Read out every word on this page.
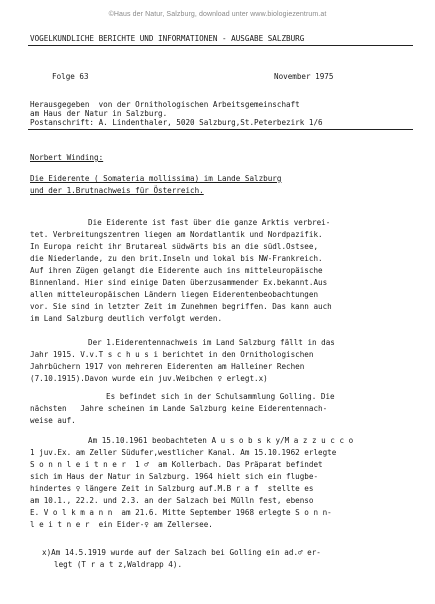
©Haus der Natur, Salzburg, download unter www.biologiezentrum.at
VOGELKUNDLICHE BERICHTE UND INFORMATIONEN - AUSGABE SALZBURG
Folge 63	November 1975
Herausgegeben  von der Ornithologischen Arbeitsgemeinschaft
am Haus der Natur in Salzburg.
Postanschrift: A. Lindenthaler, 5020 Salzburg,St.Peterbezirk 1/6
Norbert Winding:
Die Eiderente ( Somateria mollissima) im Lande Salzburg
und der 1.Brutnachweis für Österreich.
Die Eiderente ist fast über die ganze Arktis verbrei-
tet. Verbreitungszentren liegen am Nordatlantik und Nordpazifik.
In Europa reicht ihr Brutareal südwärts bis an die südl.Ostsee,
die Niederlande, zu den brit.Inseln und lokal bis NW-Frankreich.
Auf ihren Zügen gelangt die Eiderente auch ins mitteleuropäische
Binnenland. Hier sind einige Daten überzusammender Ex.bekannt.Aus
allen mitteleuropäischen Ländern liegen Eiderentenbeobachtungen
vor. Sie sind in letzter Zeit im Zunehmen begriffen. Das kann auch
im Land Salzburg deutlich verfolgt werden.
Der 1.Eiderentennachweis im Land Salzburg fällt in das
Jahr 1915. V.v.T s c h u s i berichtet in den Ornithologischen
Jahrbüchern 1917 von mehreren Eiderenten am Halleiner Rechen
(7.10.1915).Davon wurde ein juv.Weibchen ♀ erlegt.x)
Es befindet sich in der Schulsammlung Golling. Die
nächsten   Jahre scheinen im Lande Salzburg keine Eiderentennach-
weise auf.
Am 15.10.1961 beobachteten A u s o b s k y/M a z z u c c o
1 juv.Ex. am Zeller Südufer,westlicher Kanal. Am 15.10.1962 erlegte
S o n n l e i t n e r  1 ♂  am Kollerbach. Das Präparat befindet
sich im Haus der Natur in Salzburg. 1964 hielt sich ein flugbe-
hindertes ♀ längere Zeit in Salzburg auf.M.B r a f  stellte es
am 10.1., 22.2. und 2.3. an der Salzach bei Mülln fest, ebenso
E. V o l k m a n n  am 21.6. Mitte September 1968 erlegte S o n n-
l e i t n e r  ein Eider-♀ am Zellersee.
x)Am 14.5.1919 wurde auf der Salzach bei Golling ein ad.♂ er-
legt (T r a t z,Waldrapp 4).
